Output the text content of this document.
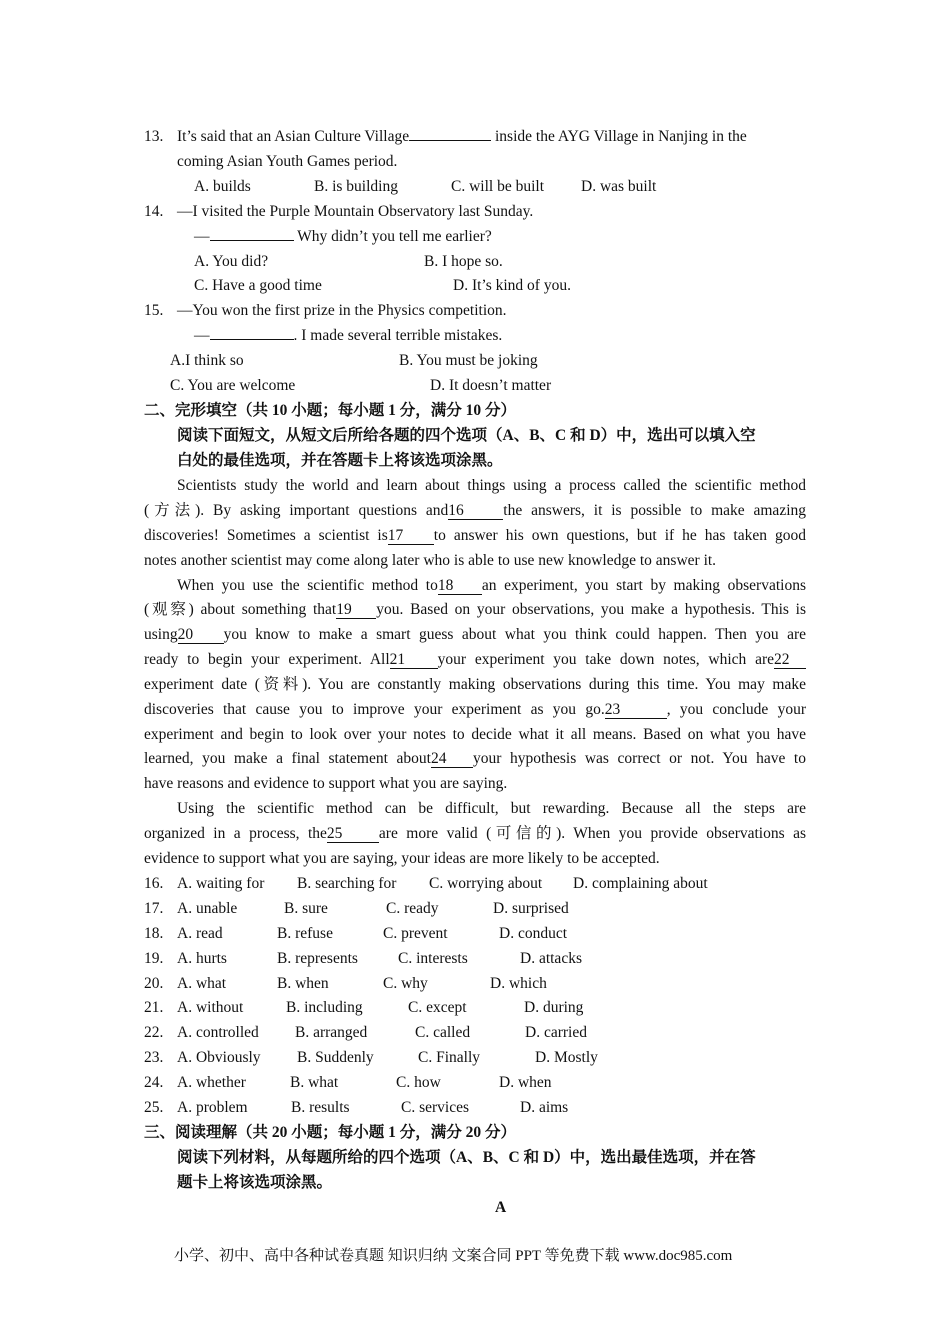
13. It’s said that an Asian Culture Village	inside the AYG Village in Nanjing in the
coming Asian Youth Games period.
A. builds	B. is building	C. will be built D. was built
14. —I visited the Purple Mountain Observatory last Sunday.
—	Why didn’t you tell me earlier?
A. You did?	B. I hope so.
C. Have a good time	D. It’s kind of you.
15. —You won the first prize in the Physics competition.
—	. I made several terrible mistakes.
A.I think so	B. You must be joking
C. You are welcome	D. It doesn’t matter
二、完形填空（共 10 小题；每小题 1 分，满分 10 分）
阅读下面短文，从短文后所给各题的四个选项（A、B、C 和 D）中，选出可以填入空
白处的最佳选项，并在答题卡上将该选项涂黑。
Scientists study the world and learn about things using a process called the scientific method
(方法). By asking important questions and16	the answers, it is possible to make amazing
discoveries! Sometimes a scientist is17 to answer his own questions, but if he has taken good
notes another scientist may come along later who is able to use new knowledge to answer it.
When you use the scientific method to18 an experiment, you start by making observations
(观察) about something that19 you. Based on your observations, you make a hypothesis. This is
using20 you know to make a smart guess about what you think could happen. Then you are
ready to begin your experiment. All21 your experiment you take down notes, which are22
experiment date (资料). You are constantly making observations during this time. You may make
discoveries that cause you to improve your experiment as you go.23	, you conclude your
experiment and begin to look over your notes to decide what it all means. Based on what you have
learned, you make a final statement about24 your hypothesis was correct or not. You have to
have reasons and evidence to support what you are saying.
Using the scientific method can be difficult, but rewarding. Because all the steps are
organized in a process, the25 are more valid (可信的). When you provide observations as
evidence to support what you are saying, your ideas are more likely to be accepted.
16. A. waiting for B. searching for C. worrying about D. complaining about
17. A. unable	B. sure	C. ready	D. surprised
18. A. read	B. refuse	C. prevent	D. conduct
19. A. hurts	B. represents	C. interests	D. attacks
20. A. what	B. when	C. why	D. which
21. A. without	B. including	C. except	D. during
22. A. controlled B. arranged	C. called	D. carried
23. A. Obviously B. Suddenly	C. Finally	D. Mostly
24. A. whether	B. what	C. how	D. when
25. A. problem	B. results	C. services	D. aims
三、阅读理解（共 20 小题；每小题 1 分，满分 20 分）
阅读下列材料，从每题所给的四个选项（A、B、C 和 D）中，选出最佳选项，并在答
题卡上将该选项涂黑。
A
小学、初中、高中各种试卷真题 知识归纳 文案合同 PPT 等免费下载 www.doc985.com
